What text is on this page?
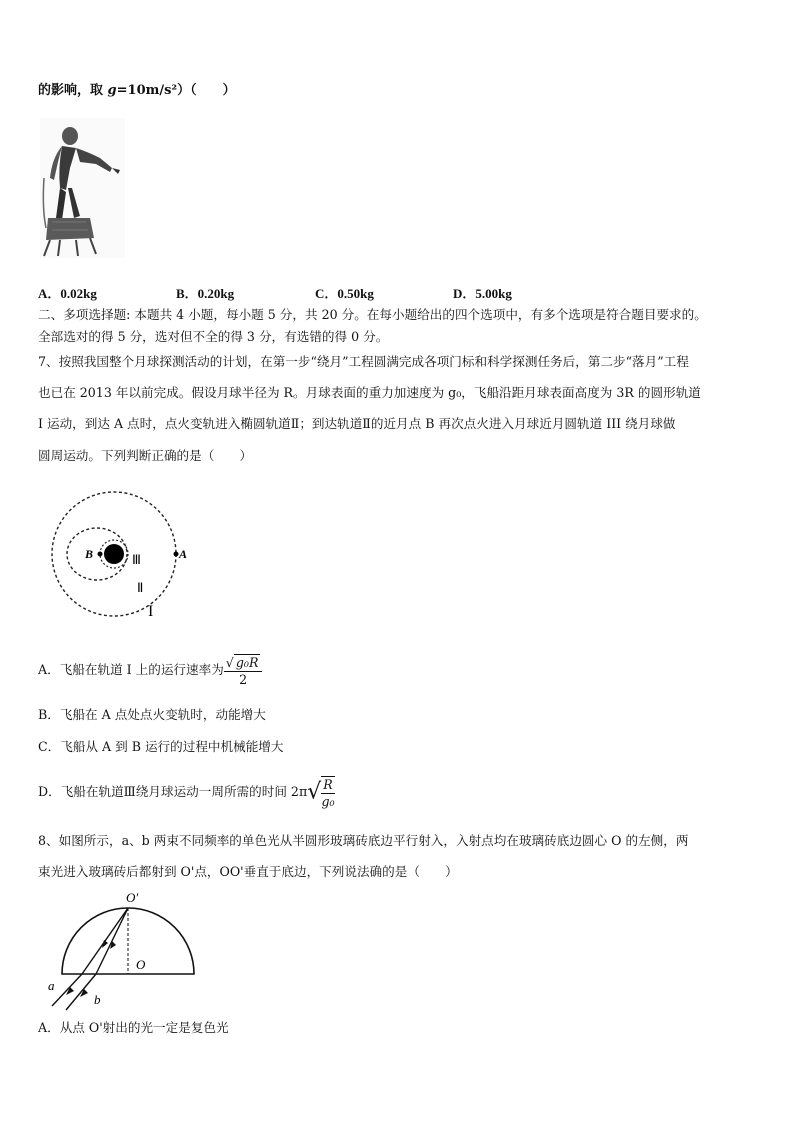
的影响，取 g=10m/s²）（　　）
A．0.02kg	B．0.20kg	C．0.50kg	D．5.00kg
二、多项选择题: 本题共 4 小题，每小题 5 分，共 20 分。在每小题给出的四个选项中，有多个选项是符合题目要求的。
全部选对的得 5 分，选对但不全的得 3 分，有选错的得 0 分。
7、按照我国整个月球探测活动的计划，在第一步“绕月”工程圆满完成各项门标和科学探测任务后，第二步“落月”工程
也已在 2013 年以前完成。假设月球半径为 R。月球表面的重力加速度为 g₀，飞船沿距月球表面高度为 3R 的圆形轨道
I 运动，到达 A 点时，点火变轨进入椭圆轨道Ⅱ；到达轨道Ⅱ的近月点 B 再次点火进入月球近月圆轨道 III 绕月球做
圆周运动。下列判断正确的是（　　）
B	A
Ⅲ
Ⅱ
I
A．飞船在轨道 I 上的运行速率为 $\frac{\text{√ g₀R}}{2}$
B．飞船在 A 点处点火变轨时，动能增大
C．飞船从 A 到 B 运行的过程中机械能增大
D．飞船在轨道Ⅲ绕月球运动一周所需的时间 $2\pi√ \frac{R}{\text{g₀}}$
8、如图所示，a、b 两束不同频率的单色光从半圆形玻璃砖底边平行射入，入射点均在玻璃砖底边圆心 O 的左侧，两
束光进入玻璃砖后都射到 O'点，OO'垂直于底边，下列说法确的是（　　）
O′
O
a
b
A．从点 O'射出的光一定是复色光
